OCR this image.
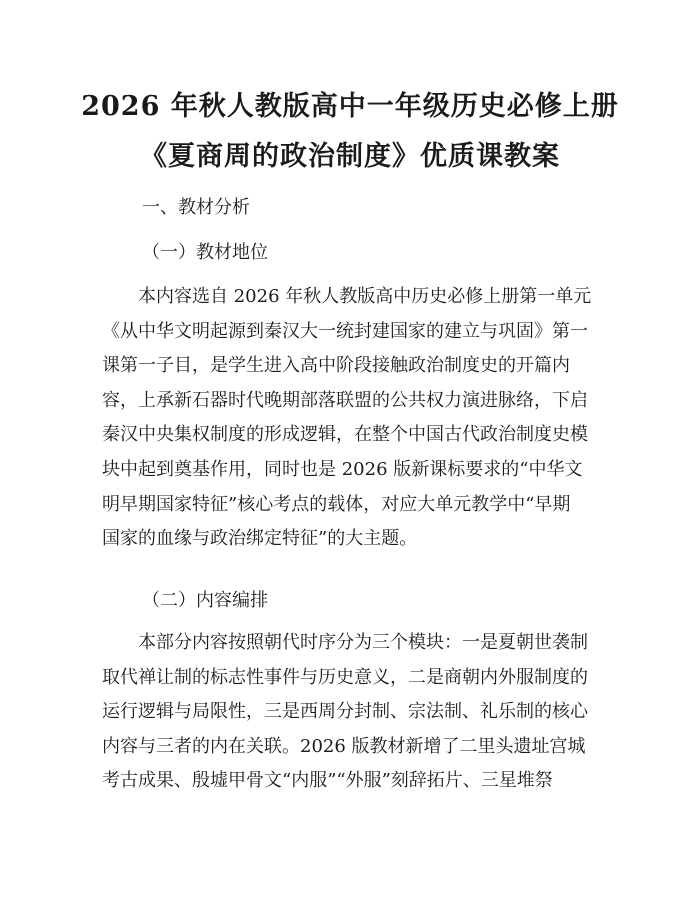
2026 年秋人教版高中一年级历史必修上册
《夏商周的政治制度》优质课教案
一、教材分析
（一）教材地位
　　本内容选自 2026 年秋人教版高中历史必修上册第一单元
《从中华文明起源到秦汉大一统封建国家的建立与巩固》第一
课第一子目，是学生进入高中阶段接触政治制度史的开篇内
容，上承新石器时代晚期部落联盟的公共权力演进脉络，下启
秦汉中央集权制度的形成逻辑，在整个中国古代政治制度史模
块中起到奠基作用，同时也是 2026 版新课标要求的“中华文
明早期国家特征”核心考点的载体，对应大单元教学中“早期
国家的血缘与政治绑定特征”的大主题。
（二）内容编排
　　本部分内容按照朝代时序分为三个模块：一是夏朝世袭制
取代禅让制的标志性事件与历史意义，二是商朝内外服制度的
运行逻辑与局限性，三是西周分封制、宗法制、礼乐制的核心
内容与三者的内在关联。2026 版教材新增了二里头遗址宫城
考古成果、殷墟甲骨文“内服”“外服”刻辞拓片、三星堆祭
